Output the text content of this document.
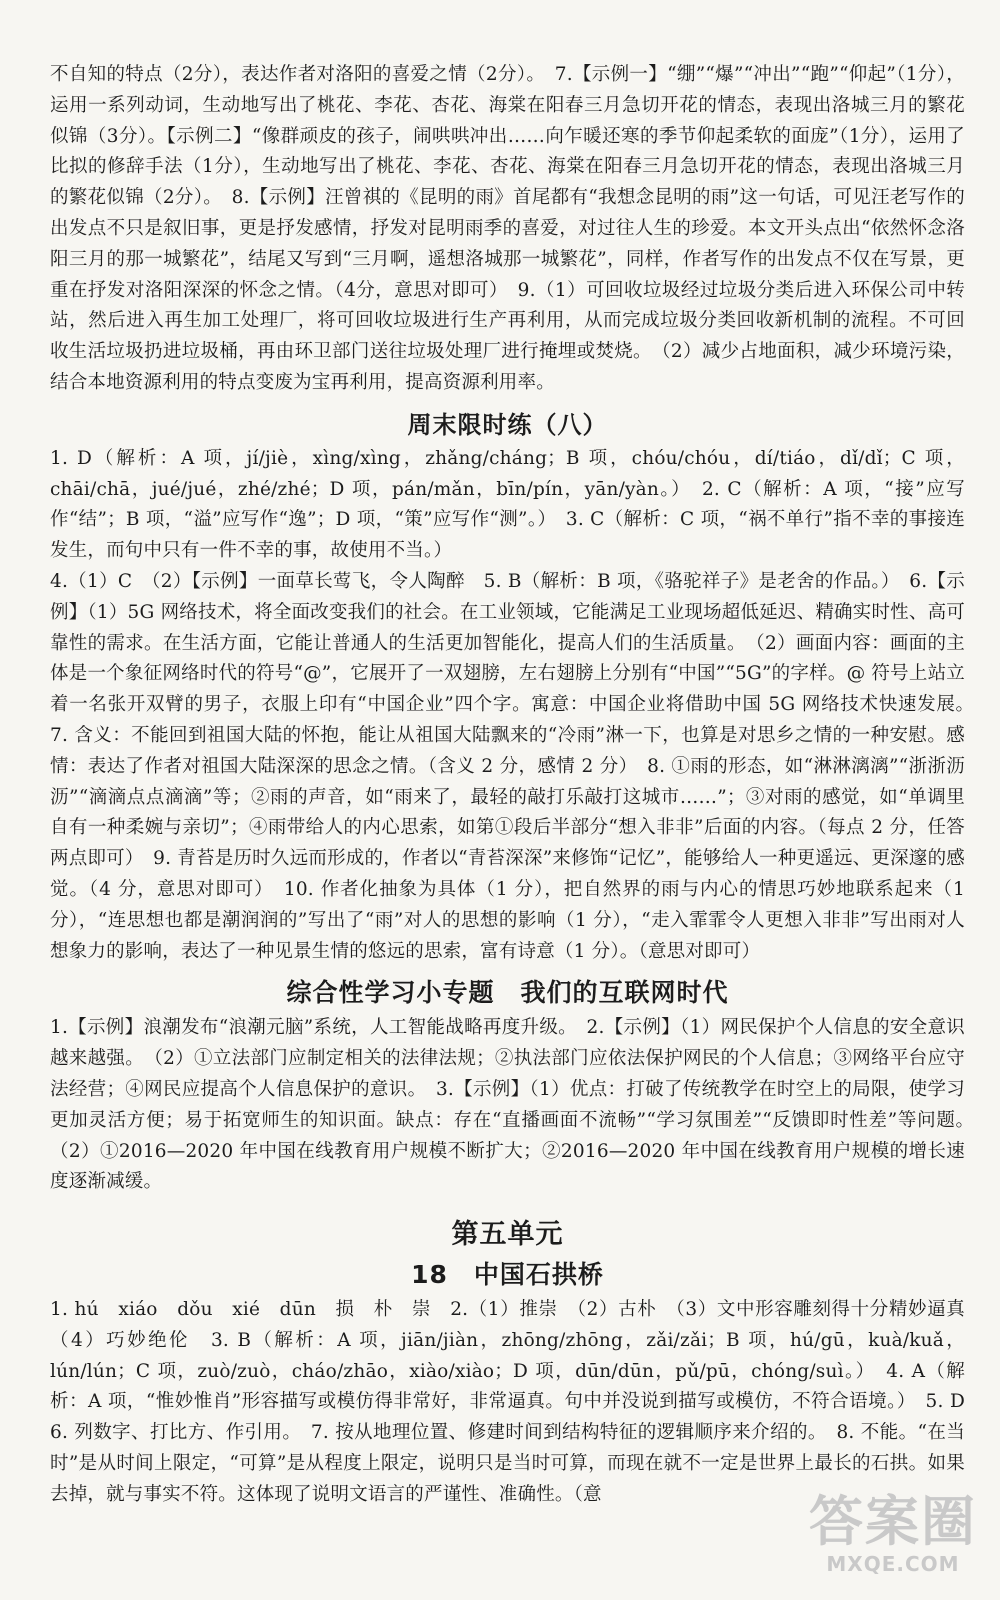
不自知的特点（2分），表达作者对洛阳的喜爱之情（2分）。　7.【示例一】“绷”“爆”“冲出”“跑”“仰起”（1分），运用一系列动词，生动地写出了桃花、李花、杏花、海棠在阳春三月急切开花的情态，表现出洛城三月的繁花似锦（3分）。【示例二】“像群顽皮的孩子，闹哄哄冲出……向乍暖还寒的季节仰起柔软的面庞”（1分），运用了比拟的修辞手法（1分），生动地写出了桃花、李花、杏花、海棠在阳春三月急切开花的情态，表现出洛城三月的繁花似锦（2分）。　8.【示例】汪曾祺的《昆明的雨》首尾都有“我想念昆明的雨”这一句话，可见汪老写作的出发点不只是叙旧事，更是抒发感情，抒发对昆明雨季的喜爱，对过往人生的珍爱。本文开头点出“依然怀念洛阳三月的那一城繁花”，结尾又写到“三月啊，遥想洛城那一城繁花”，同样，作者写作的出发点不仅在写景，更重在抒发对洛阳深深的怀念之情。（4分，意思对即可）　9.（1）可回收垃圾经过垃圾分类后进入环保公司中转站，然后进入再生加工处理厂，将可回收垃圾进行生产再利用，从而完成垃圾分类回收新机制的流程。不可回收生活垃圾扔进垃圾桶，再由环卫部门送往垃圾处理厂进行掩埋或焚烧。　（2）减少占地面积，减少环境污染，结合本地资源利用的特点变废为宝再利用，提高资源利用率。

周末限时练（八）

1. D（解析：A 项，jí/jiè，xìng/xìng，zhǎng/cháng；B 项，chóu/chóu，dí/tiáo，dǐ/dǐ；C 项，chāi/chā，jué/jué，zhé/zhé；D 项，pán/mǎn，bīn/pín，yān/yàn。）　2. C（解析：A 项，“接”应写作“结”；B 项，“溢”应写作“逸”；D 项，“策”应写作“测”。）　3. C（解析：C 项，“祸不单行”指不幸的事接连发生，而句中只有一件不幸的事，故使用不当。）

4.（1）C　（2）【示例】一面草长莺飞，令人陶醉　5. B（解析：B 项，《骆驼祥子》是老舍的作品。）　6.【示例】（1）5G 网络技术，将全面改变我们的社会。在工业领域，它能满足工业现场超低延迟、精确实时性、高可靠性的需求。在生活方面，它能让普通人的生活更加智能化，提高人们的生活质量。　（2）画面内容：画面的主体是一个象征网络时代的符号“@”，它展开了一双翅膀，左右翅膀上分别有“中国”“5G”的字样。@ 符号上站立着一名张开双臂的男子，衣服上印有“中国企业”四个字。寓意：中国企业将借助中国 5G 网络技术快速发展。　7. 含义：不能回到祖国大陆的怀抱，能让从祖国大陆飘来的“冷雨”淋一下，也算是对思乡之情的一种安慰。感情：表达了作者对祖国大陆深深的思念之情。（含义 2 分，感情 2 分）　8. ①雨的形态，如“淋淋漓漓”“浙浙沥沥”“滴滴点点滴滴”等；②雨的声音，如“雨来了，最轻的敲打乐敲打这城市……”；③对雨的感觉，如“单调里自有一种柔婉与亲切”；④雨带给人的内心思索，如第①段后半部分“想入非非”后面的内容。（每点 2 分，任答两点即可）　9. 青苔是历时久远而形成的，作者以“青苔深深”来修饰“记忆”，能够给人一种更遥远、更深邃的感觉。（4 分，意思对即可）　10. 作者化抽象为具体（1 分），把自然界的雨与内心的情思巧妙地联系起来（1 分），“连思想也都是潮润润的”写出了“雨”对人的思想的影响（1 分），“走入霏霏令人更想入非非”写出雨对人想象力的影响，表达了一种见景生情的悠远的思索，富有诗意（1 分）。（意思对即可）

综合性学习小专题　我们的互联网时代

1.【示例】浪潮发布“浪潮元脑”系统，人工智能战略再度升级。　2.【示例】（1）网民保护个人信息的安全意识越来越强。　（2）①立法部门应制定相关的法律法规；②执法部门应依法保护网民的个人信息；③网络平台应守法经营；④网民应提高个人信息保护的意识。　3.【示例】（1）优点：打破了传统教学在时空上的局限，使学习更加灵活方便；易于拓宽师生的知识面。缺点：存在“直播画面不流畅”“学习氛围差”“反馈即时性差”等问题。　（2）①2016—2020 年中国在线教育用户规模不断扩大；②2016—2020 年中国在线教育用户规模的增长速度逐渐减缓。

第五单元
18　中国石拱桥

1. hú　xiáo　dǒu　xié　dūn　损　朴　崇　2.（1）推崇　（2）古朴　（3）文中形容雕刻得十分精妙逼真　（4）巧妙绝伦　3. B（解析：A 项，jiān/jiàn，zhōng/zhōng，zǎi/zǎi；B 项，hú/gū，kuà/kuǎ，lún/lún；C 项，zuò/zuò，cháo/zhāo，xiào/xiào；D 项，dūn/dūn，pǔ/pū，chóng/suì。）　4. A（解析：A 项，“惟妙惟肖”形容描写或模仿得非常好，非常逼真。句中并没说到描写或模仿，不符合语境。）　5. D　6. 列数字、打比方、作引用。　7. 按从地理位置、修建时间到结构特征的逻辑顺序来介绍的。　8. 不能。“在当时”是从时间上限定，“可算”是从程度上限定，说明只是当时可算，而现在就不一定是世界上最长的石拱。如果去掉，就与事实不符。这体现了说明文语言的严谨性、准确性。（意	答案圈
MXQE.COM
